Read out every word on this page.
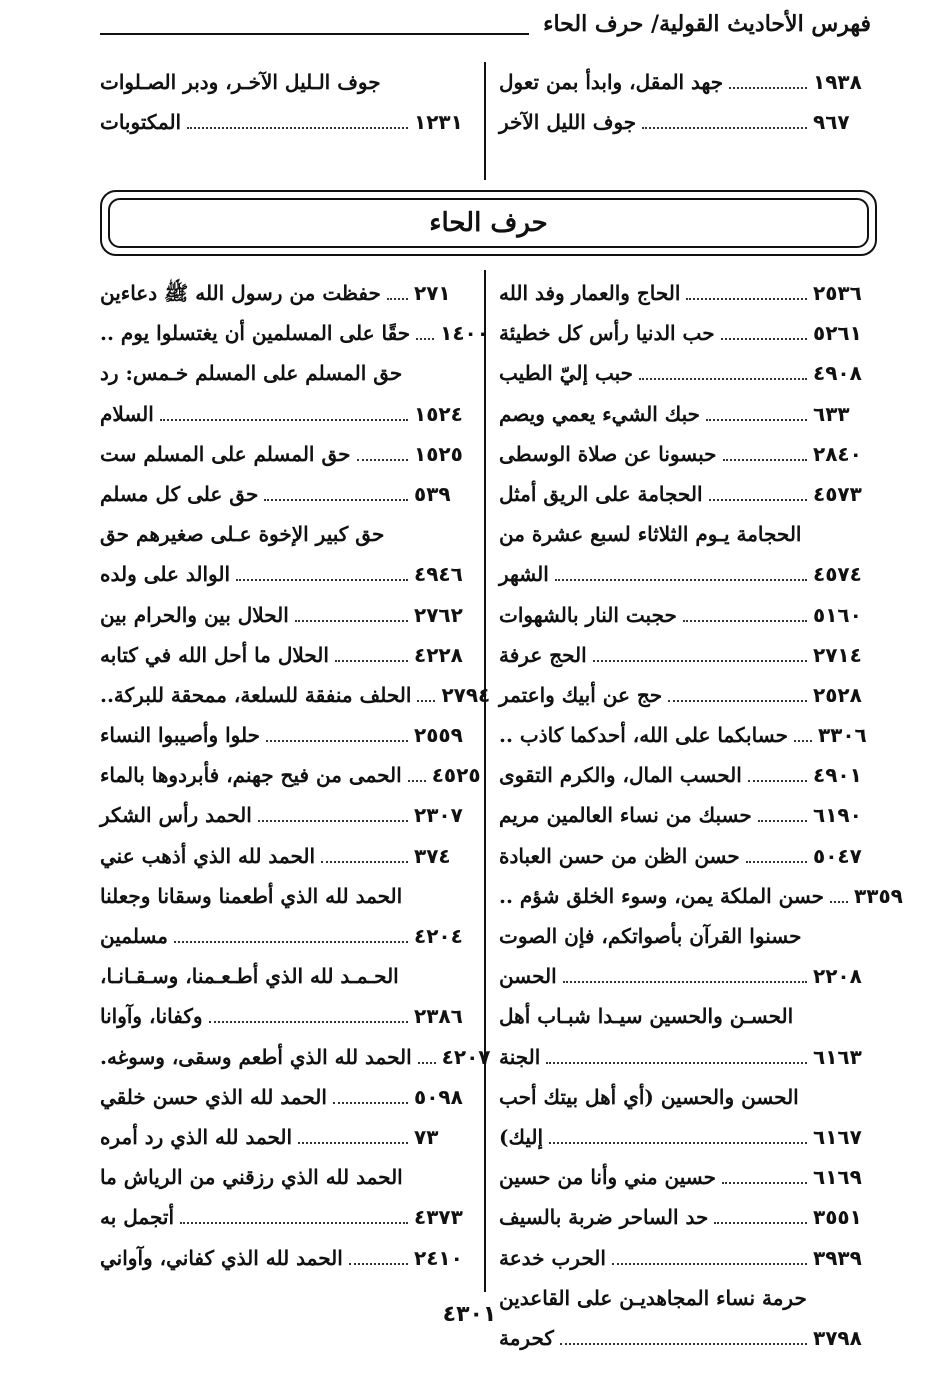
فهرس الأحاديث القولية/ حرف الحاء
جهد المقل، وابدأ بمن تعول	١٩٣٨
جوف الليل الآخر	٩٦٧
جوف الـليل الآخـر، ودبر الصـلوات
المكتوبات	١٢٣١
حرف الحاء
الحاج والعمار وفد الله	٢٥٣٦
حب الدنيا رأس كل خطيئة	٥٢٦١
حبب إليّ الطيب	٤٩٠٨
حبك الشيء يعمي ويصم	٦٣٣
حبسونا عن صلاة الوسطى	٢٨٤٠
الحجامة على الريق أمثل	٤٥٧٣
الحجامة يـوم الثلاثاء لسبع عشرة من
الشهر	٤٥٧٤
حجبت النار بالشهوات	٥١٦٠
الحج عرفة	٢٧١٤
حج عن أبيك واعتمر	٢٥٢٨
حسابكما على الله، أحدكما كاذب .. ٣٣٠٦
الحسب المال، والكرم التقوى	٤٩٠١
حسبك من نساء العالمين مريم	٦١٩٠
حسن الظن من حسن العبادة	٥٠٤٧
حسن الملكة يمن، وسوء الخلق شؤم .. ٣٣٥٩
حسنوا القرآن بأصواتكم، فإن الصوت
الحسن	٢٢٠٨
الحسـن والحسين سيـدا شبـاب أهل
الجنة	٦١٦٣
الحسن والحسين (أي أهل بيتك أحب
إليك)	٦١٦٧
حسين مني وأنا من حسين	٦١٦٩
حد الساحر ضربة بالسيف	٣٥٥١
الحرب خدعة	٣٩٣٩
حرمة نساء المجاهديـن على القاعدين
كحرمة	٣٧٩٨
حفظت من رسول الله ﷺ دعاءين ٢٧١
حقًا على المسلمين أن يغتسلوا يوم .. ١٤٠٠
حق المسلم على المسلم خـمس: رد
السلام	١٥٢٤
حق المسلم على المسلم ست	١٥٢٥
حق على كل مسلم	٥٣٩
حق كبير الإخوة عـلى صغيرهم حق
الوالد على ولده	٤٩٤٦
الحلال بين والحرام بين	٢٧٦٢
الحلال ما أحل الله في كتابه	٤٢٢٨
الحلف منفقة للسلعة، ممحقة للبركة.. ٢٧٩٤
حلوا وأصيبوا النساء	٢٥٥٩
الحمى من فيح جهنم، فأبردوها بالماء ٤٥٢٥
الحمد رأس الشكر	٢٣٠٧
الحمد لله الذي أذهب عني	٣٧٤
الحمد لله الذي أطعمنا وسقانا وجعلنا
مسلمين	٤٢٠٤
الحـمـد لله الذي أطـعـمنا، وسـقـانـا،
وكفانا، وآوانا	٢٣٨٦
الحمد لله الذي أطعم وسقى، وسوغه. ٤٢٠٧
الحمد لله الذي حسن خلقي	٥٠٩٨
الحمد لله الذي رد أمره	٧٣
الحمد لله الذي رزقني من الرياش ما
أتجمل به	٤٣٧٣
الحمد لله الذي كفاني، وآواني	٢٤١٠
٤٣٠١
